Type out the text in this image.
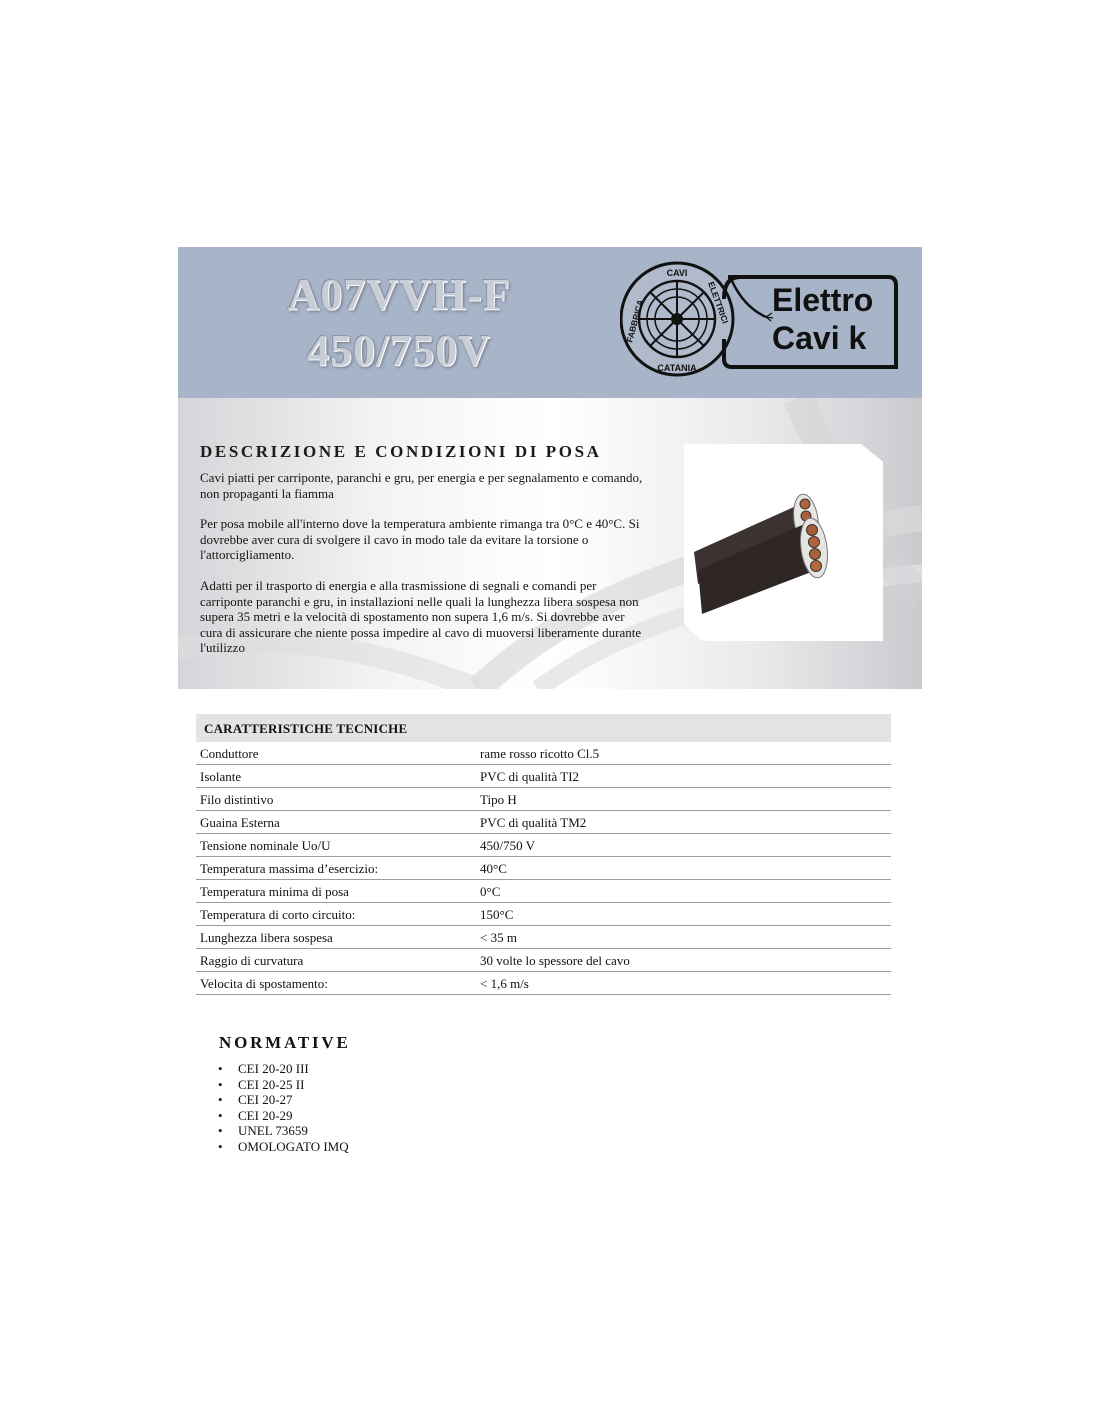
A07VVH-F
450/750V
CAVI
CATANIA
FABBRICA	ELETTRICI Elettro
Cavi k
DESCRIZIONE E CONDIZIONI DI POSA
Cavi piatti per carriponte, paranchi e gru, per energia e per segnalamento e comando, non propaganti la fiamma
Per posa mobile all'interno dove la temperatura ambiente rimanga tra 0°C e 40°C. Si dovrebbe aver cura di svolgere il cavo in modo tale da evitare la torsione o l'attorcigliamento.
Adatti per il trasporto di energia e alla trasmissione di segnali e comandi per carriponte paranchi e gru, in installazioni nelle quali la lunghezza libera sospesa non supera 35 metri e la velocità di spostamento non supera 1,6 m/s. Si dovrebbe aver cura di assicurare che niente possa impedire al cavo di muoversi liberamente durante l'utilizzo
CARATTERISTICHE TECNICHE
Conduttore	rame rosso ricotto Cl.5
Isolante	PVC di qualità TI2
Filo distintivo	Tipo H
Guaina Esterna	PVC di qualità TM2
Tensione nominale Uo/U	450/750 V
Temperatura massima d’esercizio:	40°C
Temperatura minima di posa	0°C
Temperatura di corto circuito:	150°C
Lunghezza libera sospesa	< 35 m
Raggio di curvatura	30 volte lo spessore del cavo
Velocita di spostamento:	< 1,6 m/s
NORMATIVE
• CEI 20-20 III
• CEI 20-25 II
• CEI 20-27
• CEI 20-29
• UNEL 73659
• OMOLOGATO IMQ
